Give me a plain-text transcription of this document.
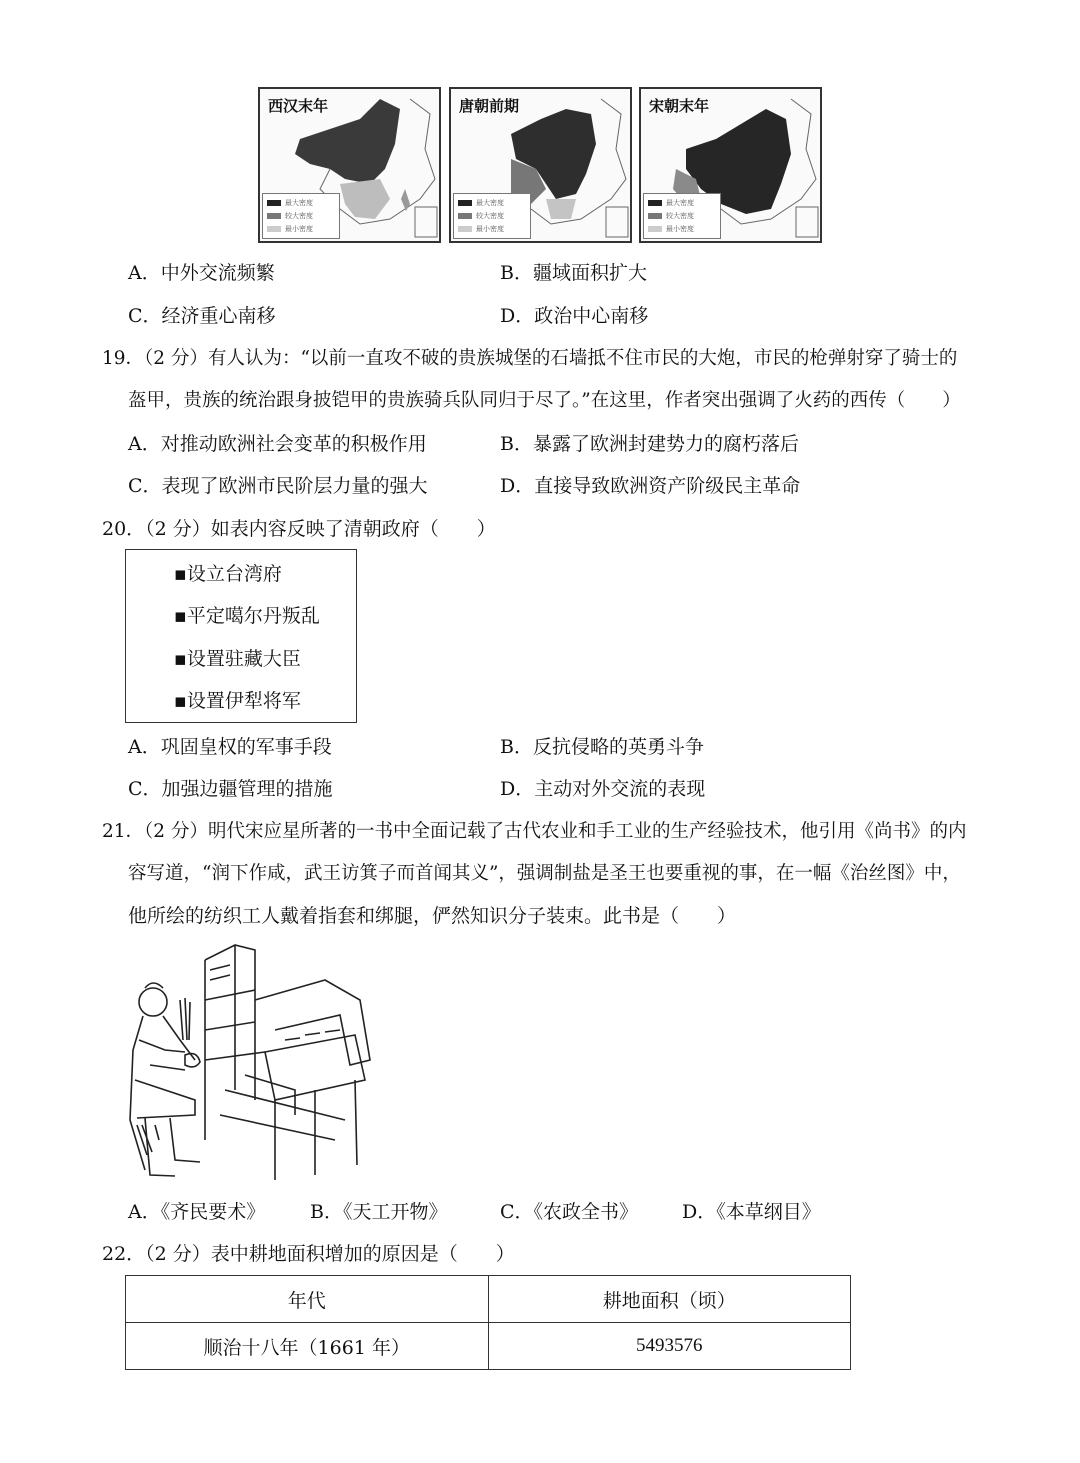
西汉末年
最大密度
较大密度
最小密度
唐朝前期
最大密度
较大密度
最小密度
宋朝末年
最大密度
较大密度
最小密度
A．中外交流频繁	B．疆域面积扩大
C．经济重心南移	D．政治中心南移
19．（2 分）有人认为：“以前一直攻不破的贵族城堡的石墙抵不住市民的大炮，市民的枪弹射穿了骑士的
盔甲，贵族的统治跟身披铠甲的贵族骑兵队同归于尽了。”在这里，作者突出强调了火药的西传（　　）
A．对推动欧洲社会变革的积极作用	B．暴露了欧洲封建势力的腐朽落后
C．表现了欧洲市民阶层力量的强大	D．直接导致欧洲资产阶级民主革命
20．（2 分）如表内容反映了清朝政府（　　）
▪设立台湾府
▪平定噶尔丹叛乱
▪设置驻藏大臣
▪设置伊犁将军
A．巩固皇权的军事手段	B．反抗侵略的英勇斗争
C．加强边疆管理的措施	D．主动对外交流的表现
21．（2 分）明代宋应星所著的一书中全面记载了古代农业和手工业的生产经验技术，他引用《尚书》的内
容写道，“润下作咸，武王访箕子而首闻其义”，强调制盐是圣王也要重视的事，在一幅《治丝图》中，
他所绘的纺织工人戴着指套和绑腿，俨然知识分子装束。此书是（　　）
A．《齐民要术》 B．《天工开物》	C．《农政全书》 D．《本草纲目》
22．（2 分）表中耕地面积增加的原因是（　　）
年代	耕地面积（顷）
顺治十八年（1661 年）	5493576
